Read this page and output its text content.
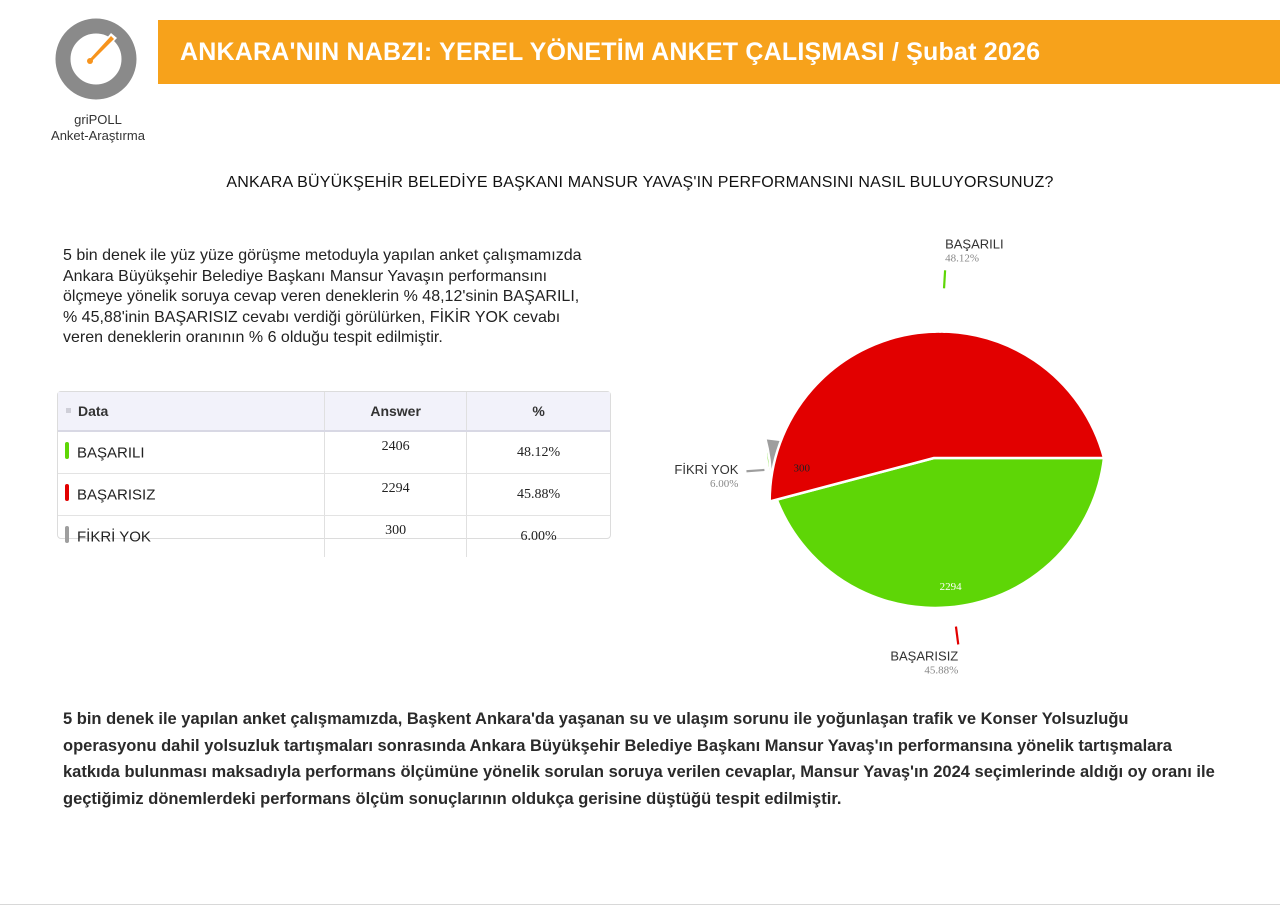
griPOLL
Anket-Araştırma
ANKARA'NIN NABZI: YEREL YÖNETİM ANKET ÇALIŞMASI / Şubat 2026
ANKARA BÜYÜKŞEHİR BELEDİYE BAŞKANI MANSUR YAVAŞ'IN PERFORMANSINI NASIL BULUYORSUNUZ?

5 bin denek ile yüz yüze görüşme metoduyla yapılan anket çalışmamızda Ankara Büyükşehir Belediye Başkanı Mansur Yavaşın performansını ölçmeye yönelik soruya cevap veren deneklerin % 48,12'sinin BAŞARILI, % 45,88'inin BAŞARISIZ cevabı verdiği görülürken, FİKİR YOK cevabı veren deneklerin oranının % 6 olduğu tespit edilmiştir.

Data	Answer	%
BAŞARILI	2406	48.12%
BAŞARISIZ	2294	45.88%
FİKRİ YOK	300	6.00%
2406
BAŞARILI
48.12%
300
FİKRİ YOK
6.00%
2294
BAŞARISIZ
45.88%

5 bin denek ile yapılan anket çalışmamızda, Başkent Ankara'da yaşanan su ve ulaşım sorunu ile yoğunlaşan trafik ve Konser Yolsuzluğu operasyonu dahil yolsuzluk tartışmaları sonrasında Ankara Büyükşehir Belediye Başkanı Mansur Yavaş'ın performansına yönelik tartışmalara katkıda bulunması maksadıyla performans ölçümüne yönelik sorulan soruya verilen cevaplar, Mansur Yavaş'ın 2024 seçimlerinde aldığı oy oranı ile geçtiğimiz dönemlerdeki performans ölçüm sonuçlarının oldukça gerisine düştüğü tespit edilmiştir.
